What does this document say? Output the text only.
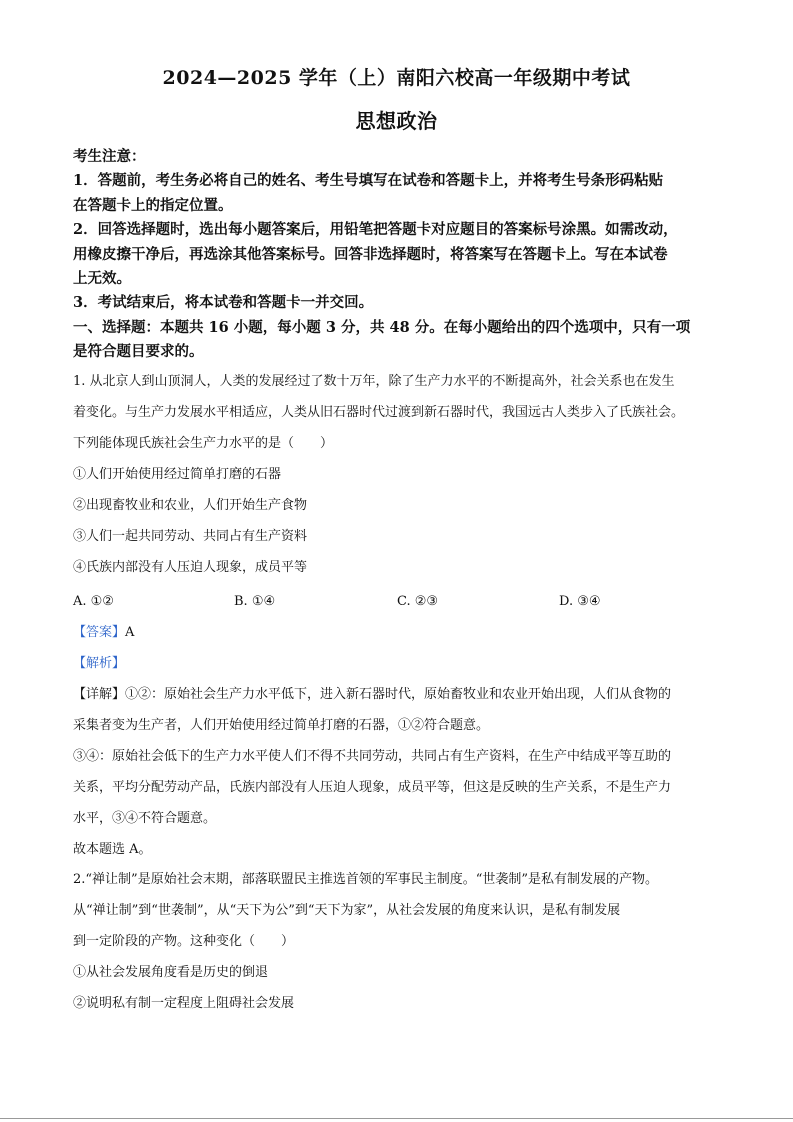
2024—2025 学年（上）南阳六校高一年级期中考试
思想政治
考生注意：
1．答题前，考生务必将自己的姓名、考生号填写在试卷和答题卡上，并将考生号条形码粘贴
在答题卡上的指定位置。
2．回答选择题时，选出每小题答案后，用铅笔把答题卡对应题目的答案标号涂黑。如需改动，
用橡皮擦干净后，再选涂其他答案标号。回答非选择题时，将答案写在答题卡上。写在本试卷
上无效。
3．考试结束后，将本试卷和答题卡一并交回。
一、选择题：本题共 16 小题，每小题 3 分，共 48 分。在每小题给出的四个选项中，只有一项
是符合题目要求的。
1. 从北京人到山顶洞人，人类的发展经过了数十万年，除了生产力水平的不断提高外，社会关系也在发生
着变化。与生产力发展水平相适应，人类从旧石器时代过渡到新石器时代，我国远古人类步入了氏族社会。
下列能体现氏族社会生产力水平的是（　　）
①人们开始使用经过简单打磨的石器
②出现畜牧业和农业，人们开始生产食物
③人们一起共同劳动、共同占有生产资料
④氏族内部没有人压迫人现象，成员平等
A. ①②	B. ①④	C. ②③	D. ③④
【答案】A
【解析】
【详解】①②：原始社会生产力水平低下，进入新石器时代，原始畜牧业和农业开始出现，人们从食物的
采集者变为生产者，人们开始使用经过简单打磨的石器，①②符合题意。
③④：原始社会低下的生产力水平使人们不得不共同劳动，共同占有生产资料，在生产中结成平等互助的
关系，平均分配劳动产品，氏族内部没有人压迫人现象，成员平等，但这是反映的生产关系，不是生产力
水平，③④不符合题意。
故本题选 A。
2.“禅让制”是原始社会末期，部落联盟民主推选首领的军事民主制度。“世袭制”是私有制发展的产物。
从“禅让制”到“世袭制”，从“天下为公”到“天下为家”，从社会发展的角度来认识，是私有制发展
到一定阶段的产物。这种变化（　　）
①从社会发展角度看是历史的倒退
②说明私有制一定程度上阻碍社会发展
